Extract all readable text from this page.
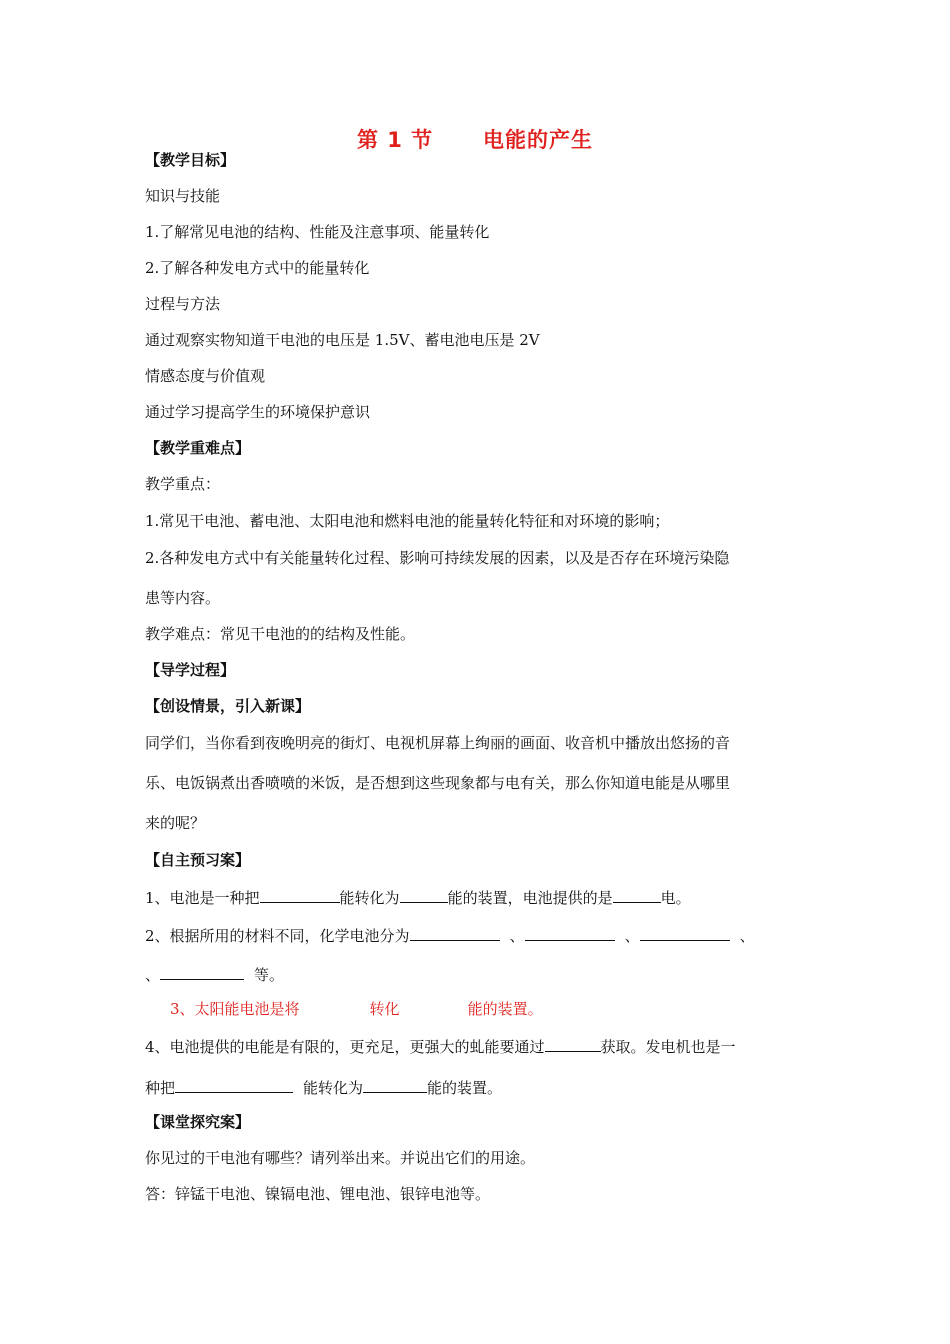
第 1 节      电能的产生
【教学目标】
知识与技能
1.了解常见电池的结构、性能及注意事项、能量转化
2.了解各种发电方式中的能量转化
过程与方法
通过观察实物知道干电池的电压是 1.5V、蓄电池电压是 2V
情感态度与价值观
通过学习提高学生的环境保护意识
【教学重难点】
教学重点：
1.常见干电池、蓄电池、太阳电池和燃料电池的能量转化特征和对环境的影响；
2.各种发电方式中有关能量转化过程、影响可持续发展的因素，以及是否存在环境污染隐
患等内容。
教学难点：常见干电池的的结构及性能。
【导学过程】
【创设情景，引入新课】
同学们，当你看到夜晚明亮的街灯、电视机屏幕上绚丽的画面、收音机中播放出悠扬的音
乐、电饭锅煮出香喷喷的米饭，是否想到这些现象都与电有关，那么你知道电能是从哪里
来的呢？
【自主预习案】
1、电池是一种把	能转化为	能的装置，电池提供的是	电。
2、根据所用的材料不同，化学电池分为	、	、	、
、	等。
3、太阳能电池是将	转化	能的装置。
4、电池提供的电能是有限的，更充足，更强大的虬能要通过	获取。发电机也是一
种把	能转化为	能的装置。
【课堂探究案】
你见过的干电池有哪些？请列举出来。并说出它们的用途。
答：锌锰干电池、镍镉电池、锂电池、银锌电池等。
